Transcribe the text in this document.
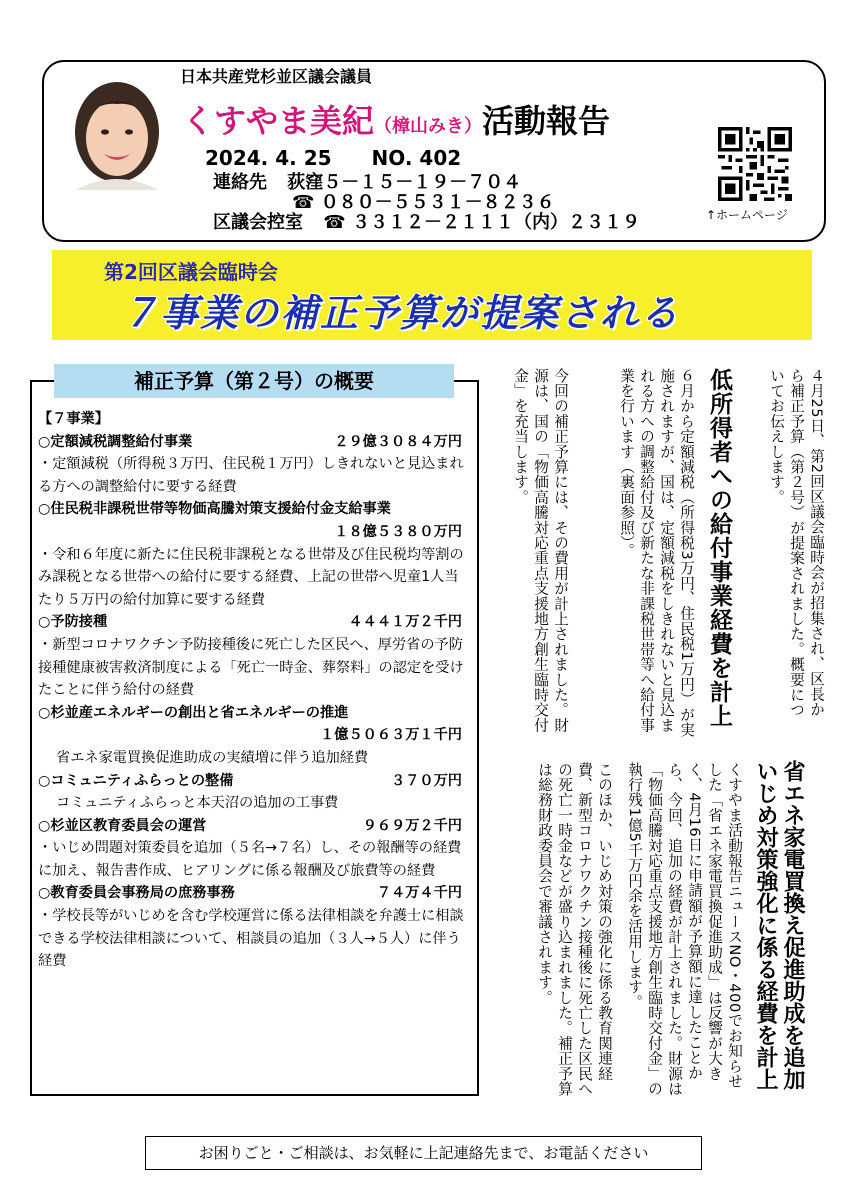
日本共産党杉並区議会議員
くすやま美紀（樟山みき）活動報告
2024. 4. 25 NO. 402
連絡先 荻窪５－１５－１９－７０４
☎ ０８０－５５３１－８２３６
区議会控室 ☎ ３３１２－２１１１（内）２３１９	↑ホームページ
第2回区議会臨時会
７事業の補正予算が提案される
補正予算（第２号）の概要
【７事業】
○定額減税調整給付事業	２９億３０８４万円
・定額減税（所得税３万円、住民税１万円）しきれないと見込まれる方への調整給付に要する経費
○住民税非課税世帯等物価高騰対策支援給付金支給事業
１８億５３８０万円
・令和６年度に新たに住民税非課税となる世帯及び住民税均等割のみ課税となる世帯への給付に要する経費、上記の世帯へ児童1人当たり５万円の給付加算に要する経費
○予防接種	４４４１万２千円
・新型コロナワクチン予防接種後に死亡した区民へ、厚労省の予防接種健康被害救済制度による「死亡一時金、葬祭料」の認定を受けたことに伴う給付の経費
○杉並産エネルギーの創出と省エネルギーの推進
１億５０６３万１千円
省エネ家電買換促進助成の実績増に伴う追加経費
○コミュニティふらっとの整備	３７０万円
コミュニティふらっと本天沼の追加の工事費
○杉並区教育委員会の運営	９６９万２千円
・いじめ問題対策委員を追加（５名→７名）し、その報酬等の経費に加え、報告書作成、ヒアリングに係る報酬及び旅費等の経費
○教育委員会事務局の庶務事務	７４万４千円
・学校長等がいじめを含む学校運営に係る法律相談を弁護士に相談できる学校法律相談について、相談員の追加（３人→５人）に伴う経費
４月25日、第2回区議会臨時会が招集され、区長から補正予算（第２号）が提案されました。概要についてお伝えします。
低所得者への給付事業経費を計上
６月から定額減税（所得税3万円、住民税1万円）が実施されますが、国は、定額減税をしきれないと見込まれる方への調整給付及び新たな非課税世帯等へ給付事業を行います（裏面参照）。
今回の補正予算には、その費用が計上されました。財源は、国の「物価高騰対応重点支援地方創生臨時交付金」を充当します。
省エネ家電買換え促進助成を追加いじめ対策強化に係る経費を計上
くすやま活動報告ニュースNO・400でお知らせした「省エネ家電買換促進助成」は反響が大きく、4月16日に申請額が予算額に達したことから、今回、追加の経費が計上されました。財源は「物価高騰対応重点支援地方創生臨時交付金」の執行残1億5千万円余を活用します。
このほか、いじめ対策の強化に係る教育関連経費、新型コロナワクチン接種後に死亡した区民への死亡一時金などが盛り込まれました。補正予算は総務財政委員会で審議されます。
お困りごと・ご相談は、お気軽に上記連絡先まで、お電話ください
